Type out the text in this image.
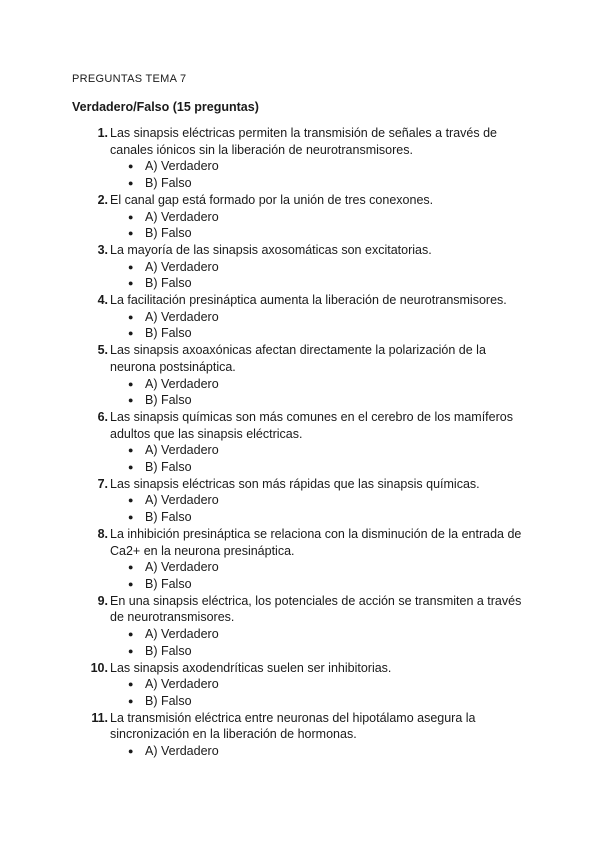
PREGUNTAS TEMA 7
Verdadero/Falso (15 preguntas)
1. Las sinapsis eléctricas permiten la transmisión de señales a través de canales iónicos sin la liberación de neurotransmisores.
● A) Verdadero
● B) Falso
2. El canal gap está formado por la unión de tres conexones.
● A) Verdadero
● B) Falso
3. La mayoría de las sinapsis axosomáticas son excitatorias.
● A) Verdadero
● B) Falso
4. La facilitación presináptica aumenta la liberación de neurotransmisores.
● A) Verdadero
● B) Falso
5. Las sinapsis axoaxónicas afectan directamente la polarización de la neurona postsináptica.
● A) Verdadero
● B) Falso
6. Las sinapsis químicas son más comunes en el cerebro de los mamíferos adultos que las sinapsis eléctricas.
● A) Verdadero
● B) Falso
7. Las sinapsis eléctricas son más rápidas que las sinapsis químicas.
● A) Verdadero
● B) Falso
8. La inhibición presináptica se relaciona con la disminución de la entrada de Ca2+ en la neurona presináptica.
● A) Verdadero
● B) Falso
9. En una sinapsis eléctrica, los potenciales de acción se transmiten a través de neurotransmisores.
● A) Verdadero
● B) Falso
10. Las sinapsis axodendríticas suelen ser inhibitorias.
● A) Verdadero
● B) Falso
11. La transmisión eléctrica entre neuronas del hipotálamo asegura la sincronización en la liberación de hormonas.
● A) Verdadero
